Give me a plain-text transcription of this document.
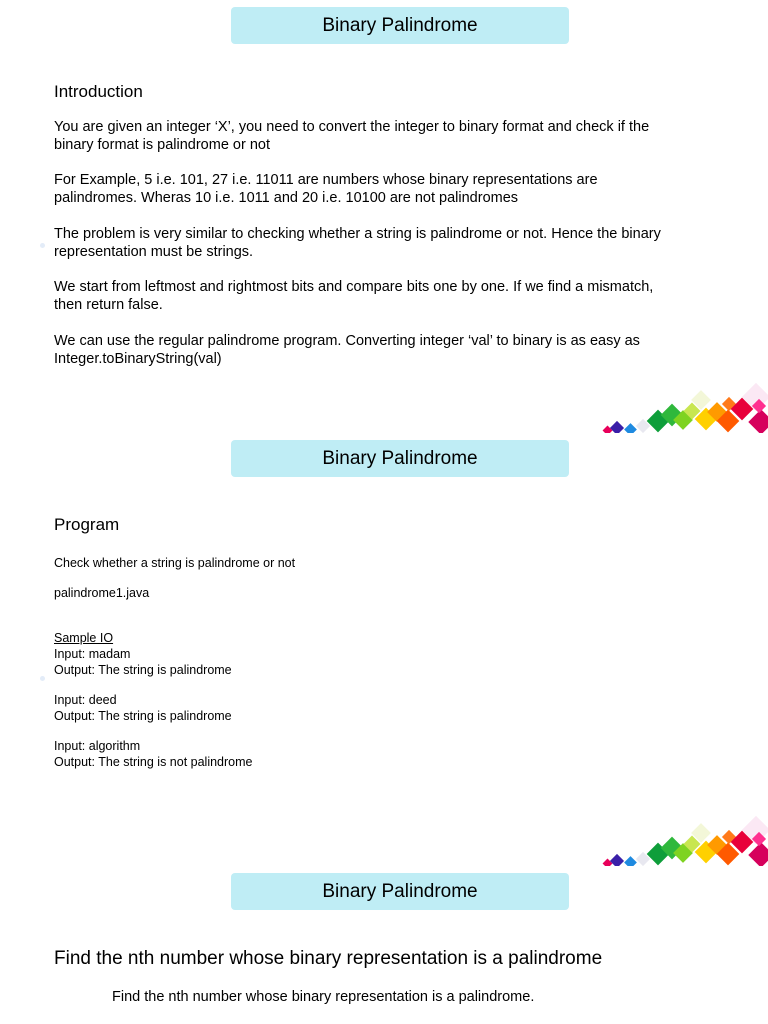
Binary Palindrome
Introduction
You are given an integer ‘X’, you need to convert the integer to binary format and check if the binary format is palindrome or not
For Example, 5 i.e. 101, 27 i.e. 11011 are numbers whose binary representations are palindromes. Wheras 10 i.e. 1011 and 20 i.e. 10100 are not palindromes
The problem is very similar to checking whether a string is palindrome or not. Hence the binary representation must be strings.
We start from leftmost and rightmost bits and compare bits one by one. If we find a mismatch, then return false.
We can use the regular palindrome program. Converting integer ‘val’ to binary is as easy as Integer.toBinaryString(val)
Binary Palindrome
Program
Check whether a string is palindrome or not
palindrome1.java
Sample IO
Input: madam
Output: The string is palindrome
Input: deed
Output: The string is palindrome
Input: algorithm
Output: The string is not palindrome
Binary Palindrome
Find the nth number whose binary representation is a palindrome
Find the nth number whose binary representation is a palindrome.
